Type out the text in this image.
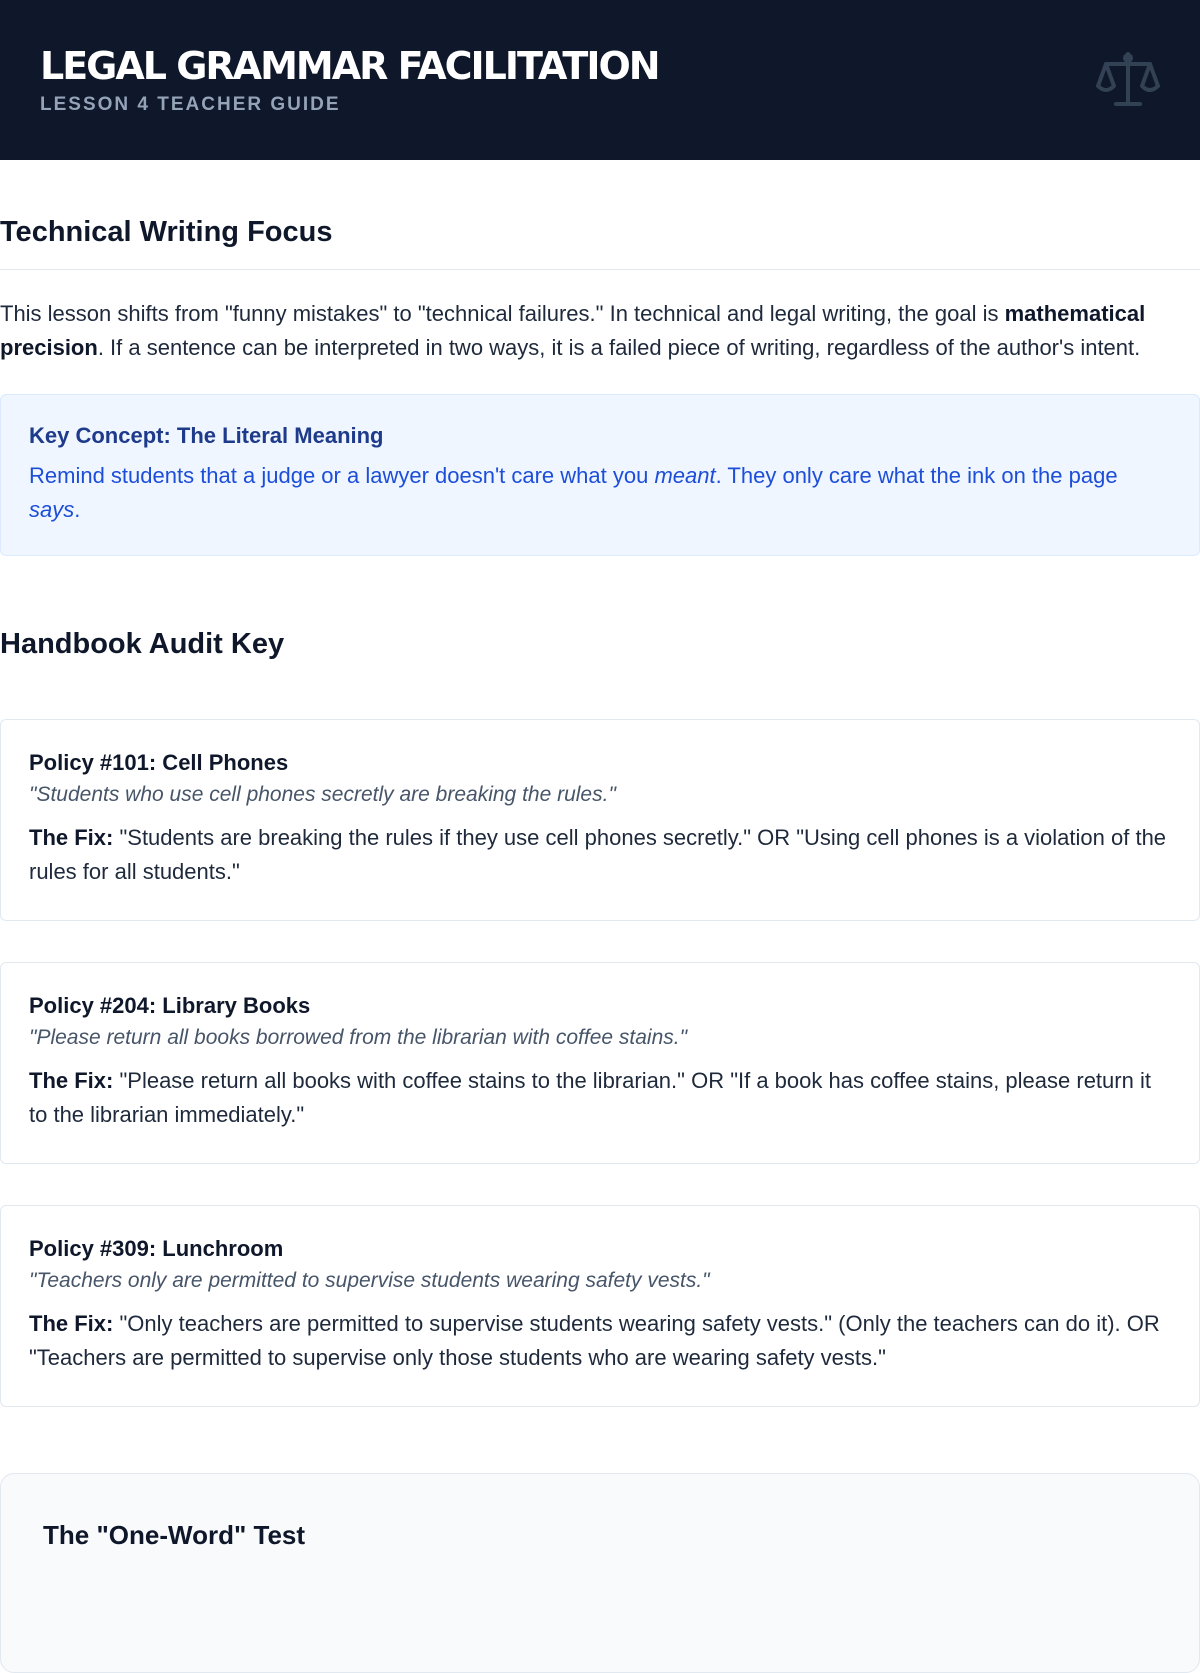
LEGAL GRAMMAR FACILITATION
LESSON 4 TEACHER GUIDE
Technical Writing Focus

This lesson shifts from "funny mistakes" to "technical failures." In technical and legal writing, the goal is mathematical precision. If a sentence can be interpreted in two ways, it is a failed piece of writing, regardless of the author's intent.

Key Concept: The Literal Meaning
Remind students that a judge or a lawyer doesn't care what you meant. They only care what the ink on the page says.
Handbook Audit Key
Policy #101: Cell Phones
"Students who use cell phones secretly are breaking the rules."
The Fix: "Students are breaking the rules if they use cell phones secretly." OR "Using cell phones is a violation of the rules for all students."
Policy #204: Library Books
"Please return all books borrowed from the librarian with coffee stains."
The Fix: "Please return all books with coffee stains to the librarian." OR "If a book has coffee stains, please return it to the librarian immediately."
Policy #309: Lunchroom
"Teachers only are permitted to supervise students wearing safety vests."
The Fix: "Only teachers are permitted to supervise students wearing safety vests." (Only the teachers can do it). OR "Teachers are permitted to supervise only those students who are wearing safety vests."
The "One-Word" Test
